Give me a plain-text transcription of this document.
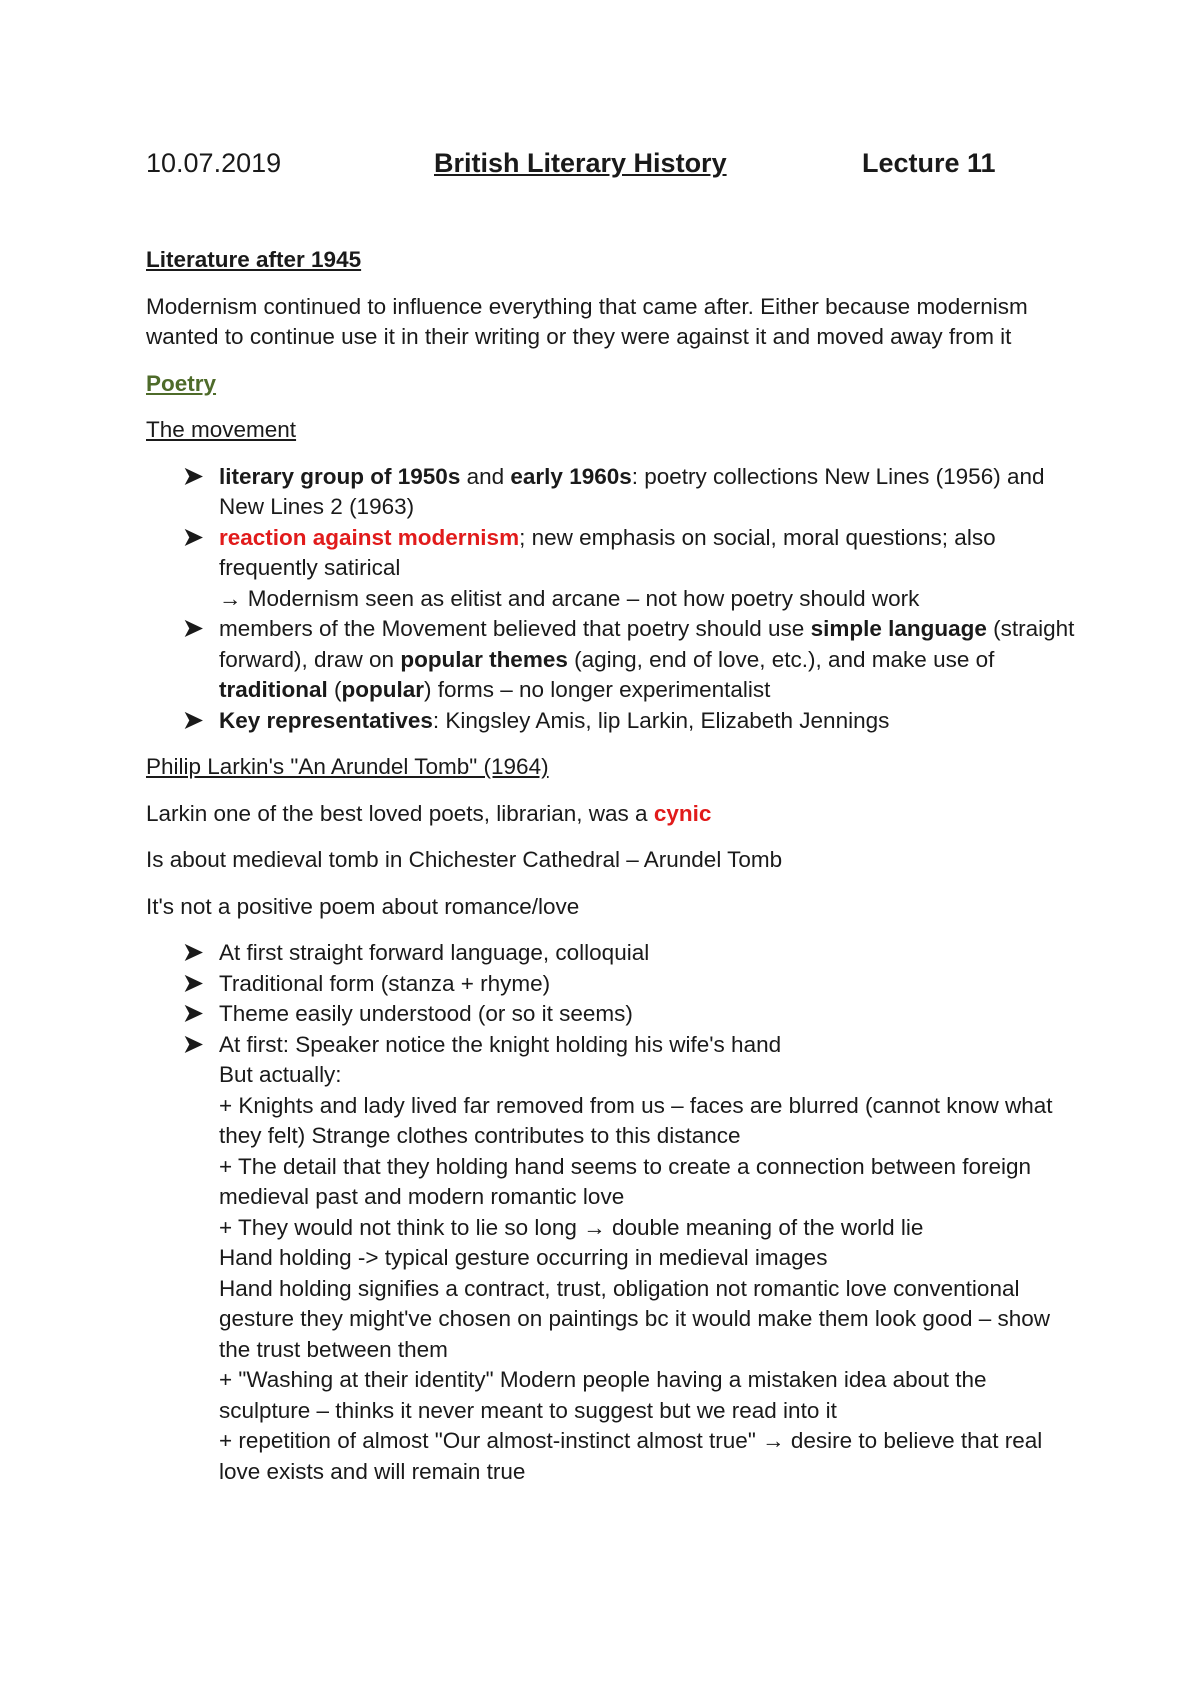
10.07.2019	British Literary History	Lecture 11

Literature after 1945

Modernism continued to influence everything that came after. Either because modernism wanted to continue use it in their writing or they were against it and moved away from it

Poetry

The movement

➤ literary group of 1950s and early 1960s: poetry collections New Lines (1956) and New Lines 2 (1963)
➤ reaction against modernism; new emphasis on social, moral questions; also frequently satirical
→ Modernism seen as elitist and arcane – not how poetry should work
➤ members of the Movement believed that poetry should use simple language (straight forward), draw on popular themes (aging, end of love, etc.), and make use of traditional (popular) forms – no longer experimentalist
➤ Key representatives: Kingsley Amis, lip Larkin, Elizabeth Jennings

Philip Larkin's "An Arundel Tomb" (1964)

Larkin one of the best loved poets, librarian, was a cynic

Is about medieval tomb in Chichester Cathedral – Arundel Tomb

It's not a positive poem about romance/love

➤ At first straight forward language, colloquial
➤ Traditional form (stanza + rhyme)
➤ Theme easily understood (or so it seems)
➤ At first: Speaker notice the knight holding his wife's hand
But actually:
+ Knights and lady lived far removed from us – faces are blurred (cannot know what they felt) Strange clothes contributes to this distance
+ The detail that they holding hand seems to create a connection between foreign medieval past and modern romantic love
+ They would not think to lie so long → double meaning of the world lie
Hand holding -> typical gesture occurring in medieval images
Hand holding signifies a contract, trust, obligation not romantic love conventional gesture they might've chosen on paintings bc it would make them look good – show the trust between them
+ "Washing at their identity" Modern people having a mistaken idea about the sculpture – thinks it never meant to suggest but we read into it
+ repetition of almost "Our almost-instinct almost true" → desire to believe that real love exists and will remain true
